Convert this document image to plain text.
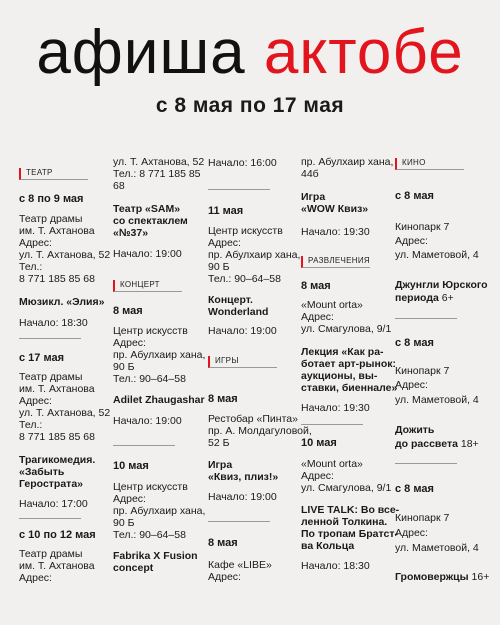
афиша актобе
с 8 мая по 17 мая
ТЕАТР
с 8 по 9 мая
Театр драмы
им. Т. Ахтанова
Адрес:
ул. Т. Ахтанова, 52
Тел.:
8 771 185 85 68
Мюзикл. «Элия»
Начало: 18:30
с 17 мая
Театр драмы
им. Т. Ахтанова
Адрес:
ул. Т. Ахтанова, 52
Тел.:
8 771 185 85 68
Трагикомедия.
«Забыть
Герострата»
Начало: 17:00
с 10 по 12 мая
Театр драмы
им. Т. Ахтанова
Адрес:
ул. Т. Ахтанова, 52
Тел.: 8 771 185 85
68
Театр «SAM»
со спектаклем
«№37»
Начало: 19:00
КОНЦЕРТ
8 мая
Центр искусств
Адрес:
пр. Абулхаир хана,
90 Б
Тел.: 90–64–58
Adilet Zhaugashar
Начало: 19:00
10 мая
Центр искусств
Адрес:
пр. Абулхаир хана,
90 Б
Тел.: 90–64–58
Fabrika X Fusion
concept
Начало: 16:00
11 мая
Центр искусств
Адрес:
пр. Абулхаир хана,
90 Б
Тел.: 90–64–58
Концерт.
Wonderland
Начало: 19:00
ИГРЫ
8 мая
Рестобар «Пинта»
пр. А. Молдагуловой,
52 Б
Игра
«Квиз, плиз!»
Начало: 19:00
8 мая
Кафе «LIBE»
Адрес:
пр. Абулхаир хана,
44б
Игра
«WOW Квиз»
Начало: 19:30
РАЗВЛЕЧЕНИЯ
8 мая
«Mount orta»
Адрес:
ул. Смагулова, 9/1
Лекция «Как ра-
ботает арт-рынок:
аукционы, вы-
ставки, биеннале»
Начало: 19:30
10 мая
«Mount orta»
Адрес:
ул. Смагулова, 9/1
LIVE TALK: Во все-
ленной Толкина.
По тропам Братст-
ва Кольца
Начало: 18:30
КИНО
с 8 мая
Кинопарк 7
Адрес:
ул. Маметовой, 4
Джунгли Юрского
периода 6+
с 8 мая
Кинопарк 7
Адрес:
ул. Маметовой, 4
Дожить
до рассвета 18+
с 8 мая
Кинопарк 7
Адрес:
ул. Маметовой, 4
Громовержцы 16+
